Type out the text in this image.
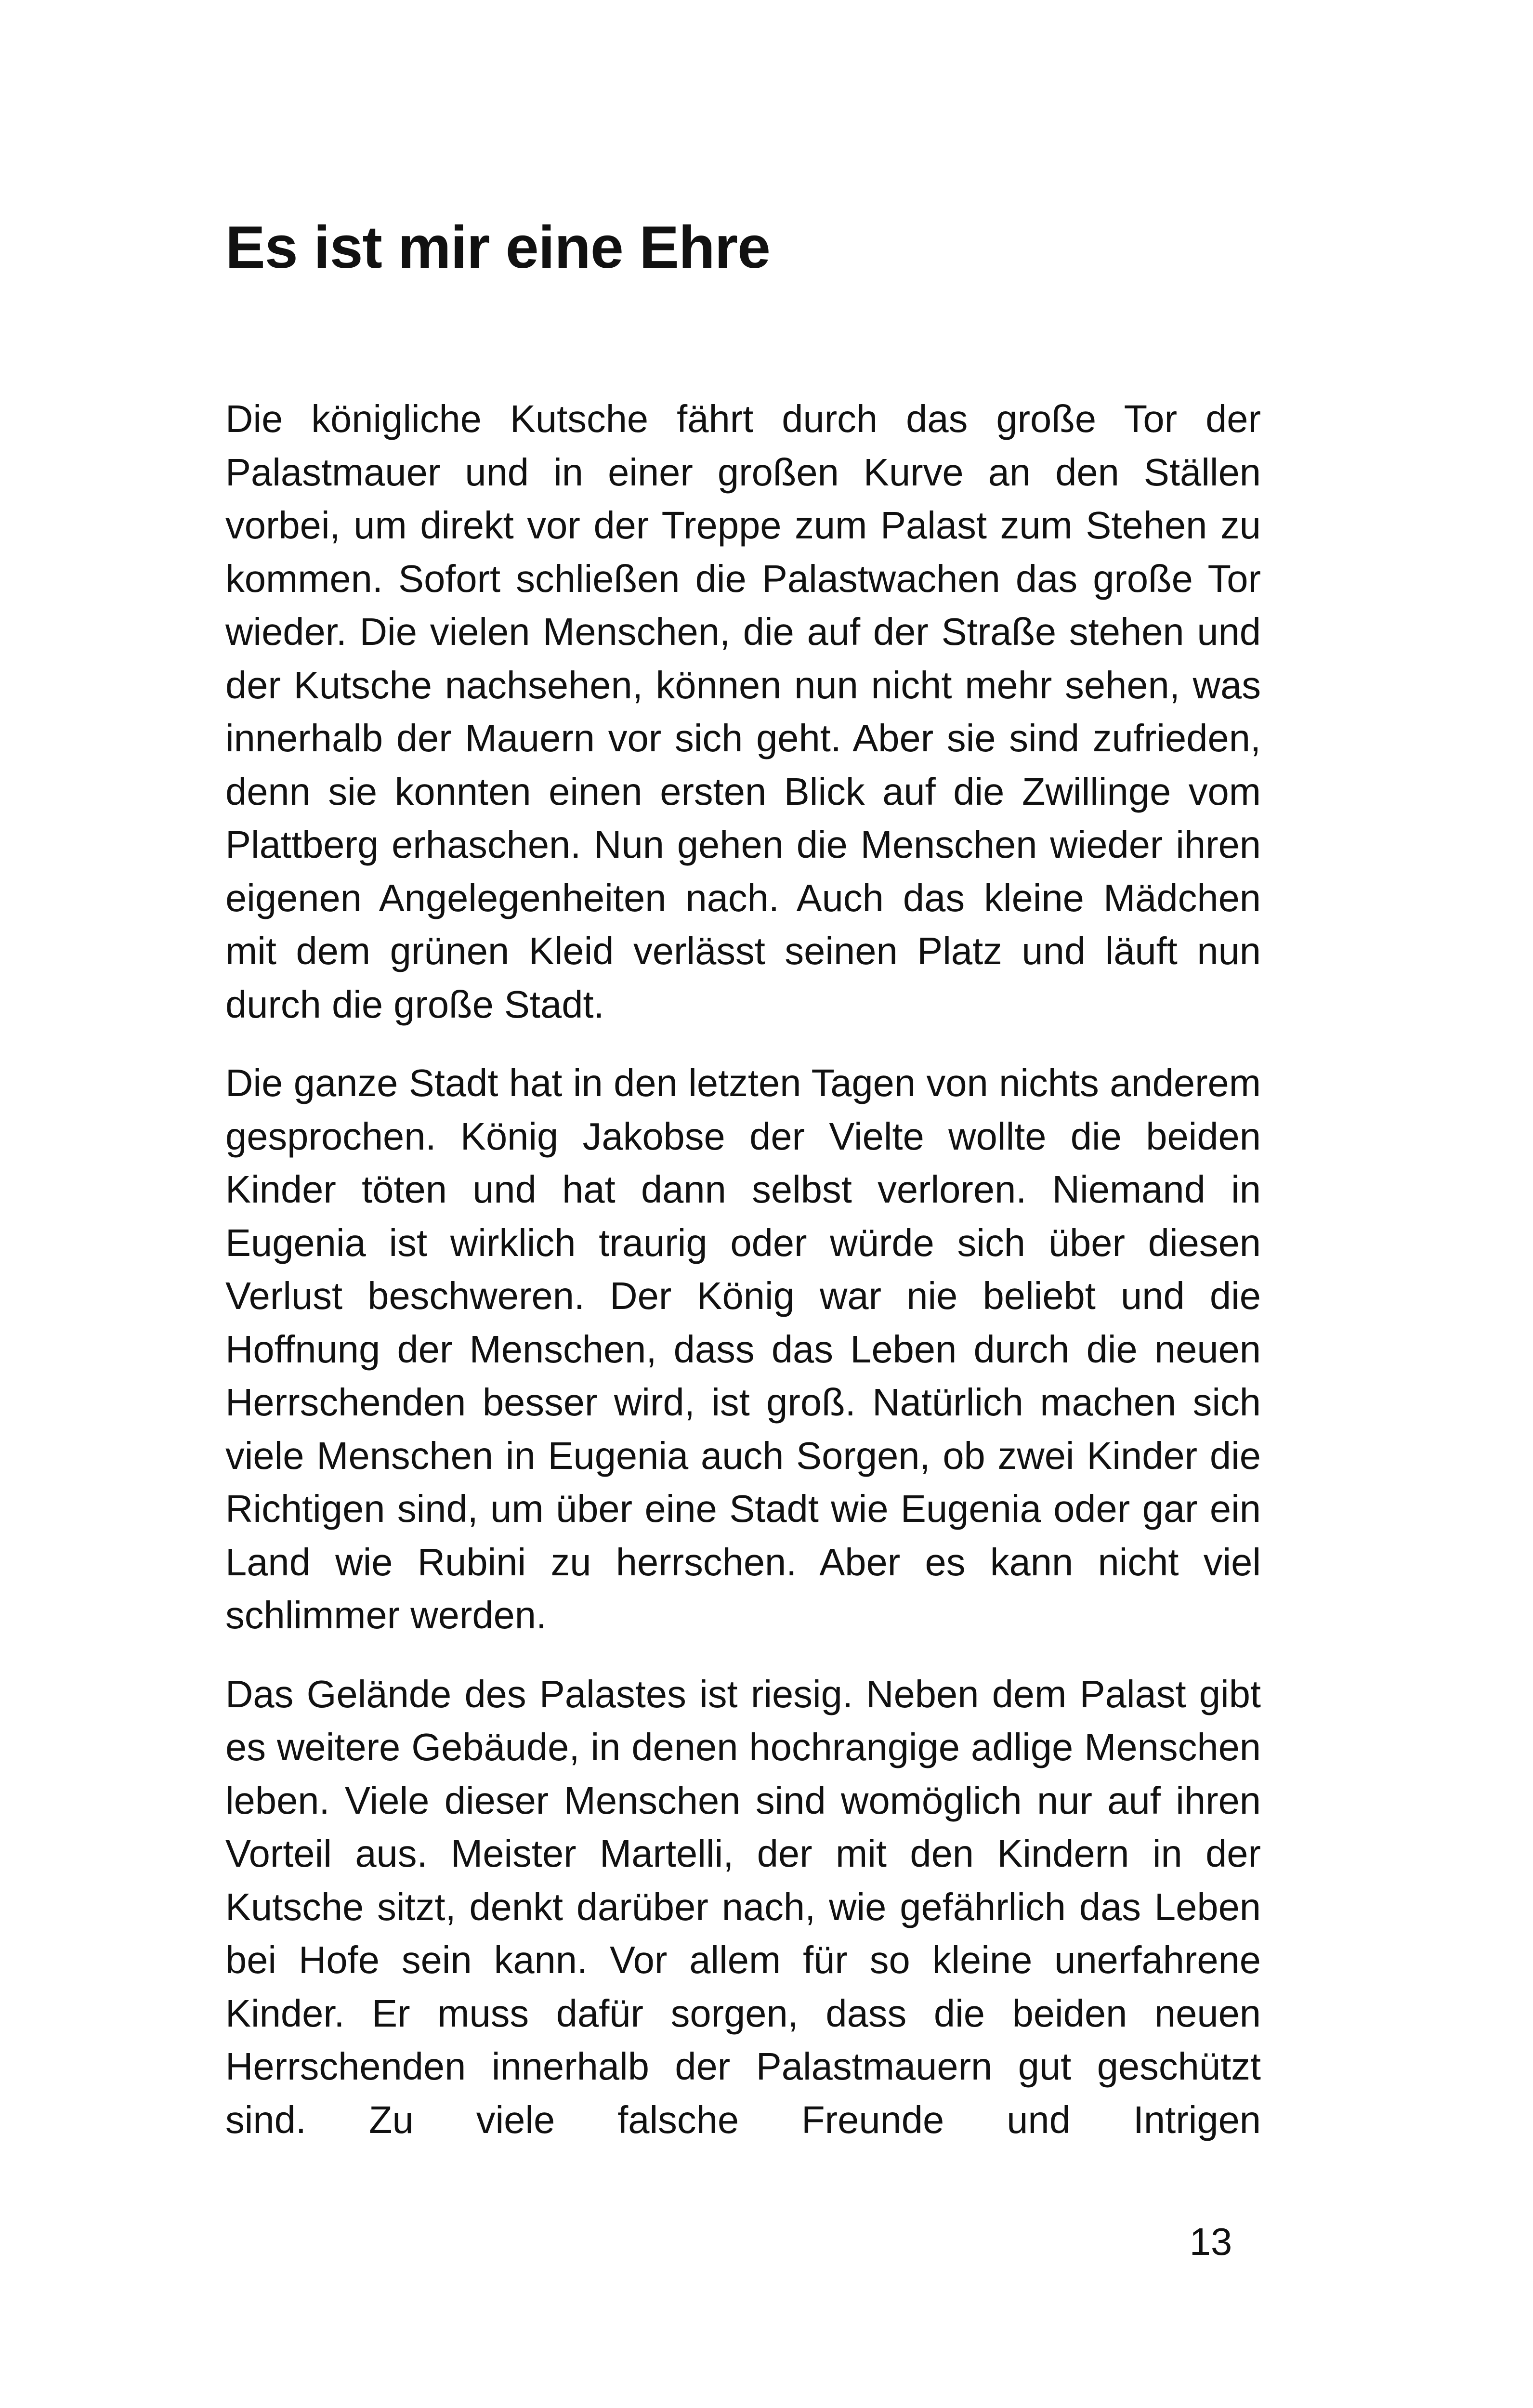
Es ist mir eine Ehre

Die königliche Kutsche fährt durch das große Tor der Palastmauer und in einer großen Kurve an den Ställen vorbei, um direkt vor der Treppe zum Palast zum Stehen zu kommen. Sofort schließen die Palastwachen das große Tor wieder. Die vielen Menschen, die auf der Straße stehen und der Kutsche nachsehen, können nun nicht mehr sehen, was innerhalb der Mauern vor sich geht. Aber sie sind zufrieden, denn sie konnten einen ersten Blick auf die Zwillinge vom Plattberg erhaschen. Nun gehen die Menschen wieder ihren eigenen Angelegenheiten nach. Auch das kleine Mädchen mit dem grünen Kleid verlässt seinen Platz und läuft nun durch die große Stadt.

Die ganze Stadt hat in den letzten Tagen von nichts anderem gesprochen. König Jakobse der Vielte wollte die beiden Kinder töten und hat dann selbst verloren. Niemand in Eugenia ist wirklich traurig oder würde sich über diesen Verlust beschweren. Der König war nie beliebt und die Hoffnung der Menschen, dass das Leben durch die neuen Herrschenden besser wird, ist groß. Natürlich machen sich viele Menschen in Eugenia auch Sorgen, ob zwei Kinder die Richtigen sind, um über eine Stadt wie Eugenia oder gar ein Land wie Rubini zu herrschen. Aber es kann nicht viel schlimmer werden.

Das Gelände des Palastes ist riesig. Neben dem Palast gibt es weitere Gebäude, in denen hochrangige adlige Menschen leben. Viele dieser Menschen sind womöglich nur auf ihren Vorteil aus. Meister Martelli, der mit den Kindern in der Kutsche sitzt, denkt darüber nach, wie gefährlich das Leben bei Hofe sein kann. Vor allem für so kleine unerfahrene Kinder. Er muss dafür sorgen, dass die beiden neuen Herrschenden innerhalb der Palastmauern gut geschützt sind. Zu viele falsche Freunde und Intrigen

13
